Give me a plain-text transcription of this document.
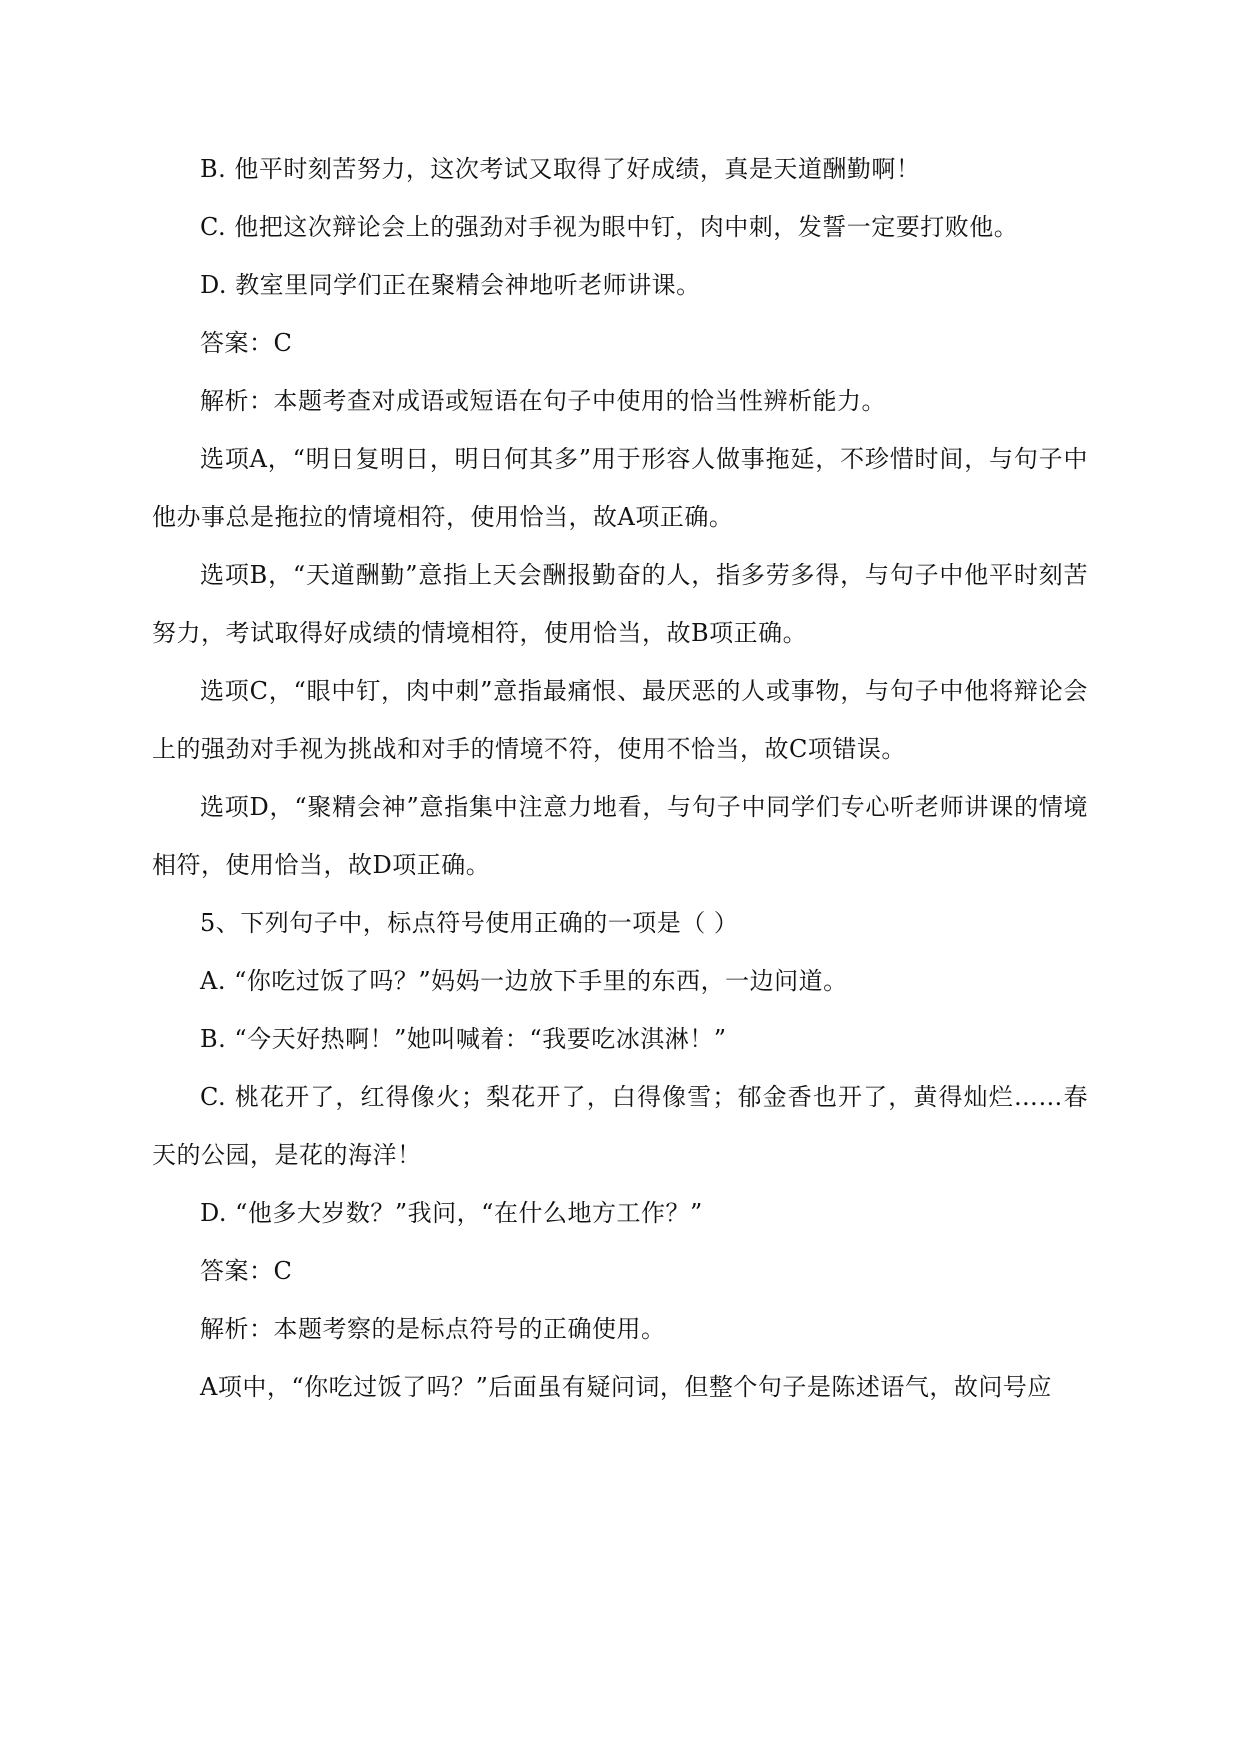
B. 他平时刻苦努力，这次考试又取得了好成绩，真是天道酬勤啊！

C. 他把这次辩论会上的强劲对手视为眼中钉，肉中刺，发誓一定要打败他。

D. 教室里同学们正在聚精会神地听老师讲课。

答案：C

解析：本题考查对成语或短语在句子中使用的恰当性辨析能力。

选项A，“明日复明日，明日何其多”用于形容人做事拖延，不珍惜时间，与句子中他办事总是拖拉的情境相符，使用恰当，故A项正确。

选项B，“天道酬勤”意指上天会酬报勤奋的人，指多劳多得，与句子中他平时刻苦努力，考试取得好成绩的情境相符，使用恰当，故B项正确。

选项C，“眼中钉，肉中刺”意指最痛恨、最厌恶的人或事物，与句子中他将辩论会上的强劲对手视为挑战和对手的情境不符，使用不恰当，故C项错误。

选项D，“聚精会神”意指集中注意力地看，与句子中同学们专心听老师讲课的情境相符，使用恰当，故D项正确。

5、下列句子中，标点符号使用正确的一项是（ ）

A. “你吃过饭了吗？”妈妈一边放下手里的东西，一边问道。

B. “今天好热啊！”她叫喊着：“我要吃冰淇淋！”

C. 桃花开了，红得像火；梨花开了，白得像雪；郁金香也开了，黄得灿烂……春天的公园，是花的海洋！

D. “他多大岁数？”我问，“在什么地方工作？”

答案：C

解析：本题考察的是标点符号的正确使用。

A项中，“你吃过饭了吗？”后面虽有疑问词，但整个句子是陈述语气，故问号应
